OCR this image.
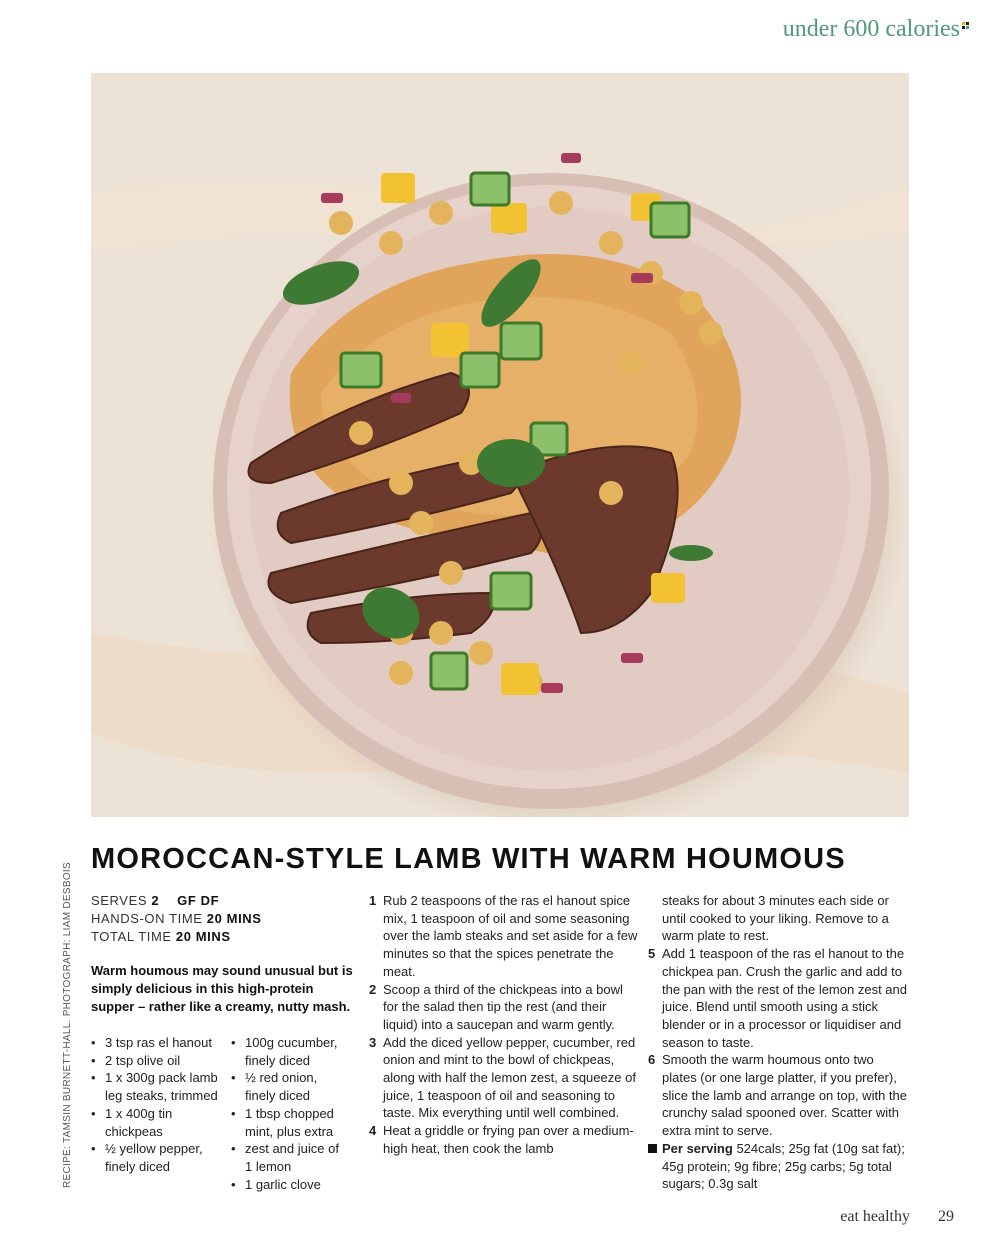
under 600 calories
RECIPE: TAMSIN BURNETT-HALL. PHOTOGRAPH: LIAM DESBOIS
MOROCCAN-STYLE LAMB WITH WARM HOUMOUS
SERVES 2 GF DF
HANDS-ON TIME 20 MINS
TOTAL TIME 20 MINS

Warm houmous may sound unusual but is simply delicious in this high-protein supper – rather like a creamy, nutty mash.

• 3 tsp ras el hanout
• 2 tsp olive oil
• 1 x 300g pack lamb leg steaks, trimmed
• 1 x 400g tin chickpeas
• ½ yellow pepper, finely diced
• 100g cucumber, finely diced
• ½ red onion, finely diced
• 1 tbsp chopped mint, plus extra
• zest and juice of 1 lemon
• 1 garlic clove
1 Rub 2 teaspoons of the ras el hanout spice mix, 1 teaspoon of oil and some seasoning over the lamb steaks and set aside for a few minutes so that the spices penetrate the meat.
2 Scoop a third of the chickpeas into a bowl for the salad then tip the rest (and their liquid) into a saucepan and warm gently.
3 Add the diced yellow pepper, cucumber, red onion and mint to the bowl of chickpeas, along with half the lemon zest, a squeeze of juice, 1 teaspoon of oil and seasoning to taste. Mix everything until well combined.
4 Heat a griddle or frying pan over a medium-high heat, then cook the lamb
steaks for about 3 minutes each side or until cooked to your liking. Remove to a warm plate to rest.
5 Add 1 teaspoon of the ras el hanout to the chickpea pan. Crush the garlic and add to the pan with the rest of the lemon zest and juice. Blend until smooth using a stick blender or in a processor or liquidiser and season to taste.
6 Smooth the warm houmous onto two plates (or one large platter, if you prefer), slice the lamb and arrange on top, with the crunchy salad spooned over. Scatter with extra mint to serve.
Per serving 524cals; 25g fat (10g sat fat); 45g protein; 9g fibre; 25g carbs; 5g total sugars; 0.3g salt
eat healthy 29
